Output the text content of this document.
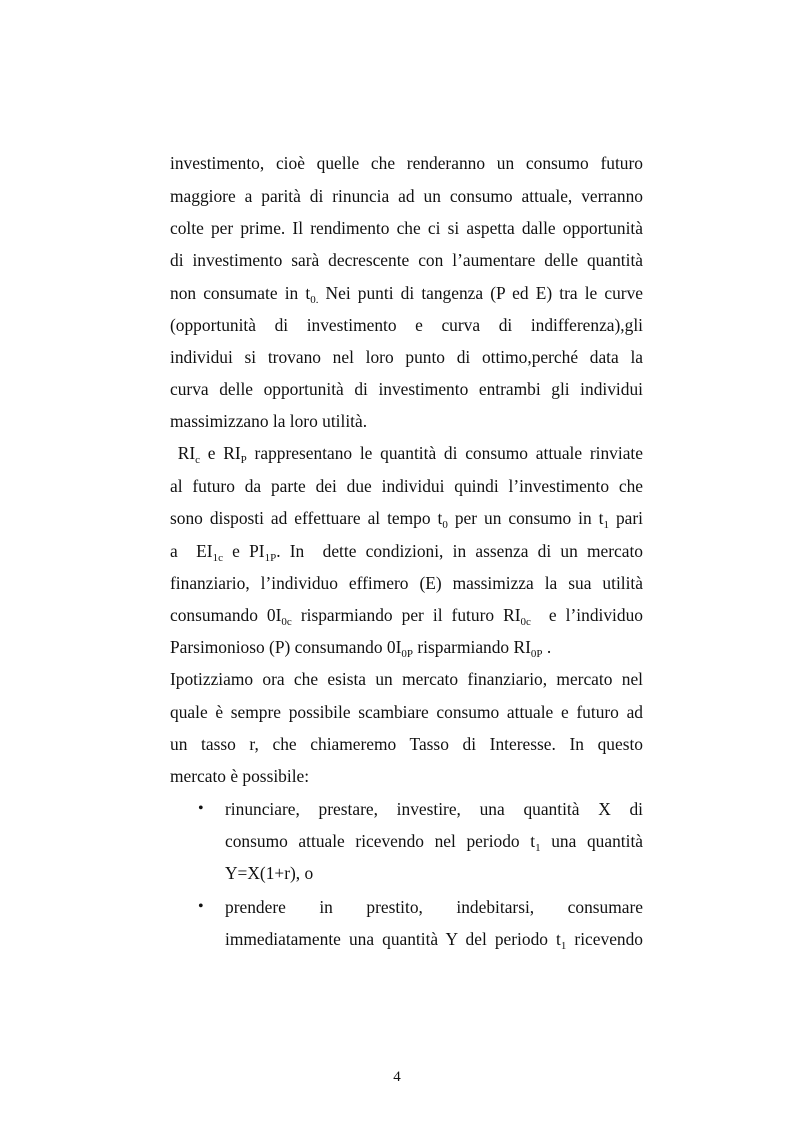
investimento, cioè quelle che renderanno un consumo futuro
maggiore a parità di rinuncia ad un consumo attuale, verranno
colte per prime. Il rendimento che ci si aspetta dalle opportunità
di investimento sarà decrescente con l’aumentare delle quantità
non consumate in $t_{0.}$ Nei punti di tangenza (P ed E) tra le curve
(opportunità di investimento e curva di indifferenza),gli
individui si trovano nel loro punto di ottimo,perché data la
curva delle opportunità di investimento entrambi gli individui
massimizzano la loro utilità.
$RI_c$ e $RI_P$ rappresentano le quantità di consumo attuale rinviate
al futuro da parte dei due individui quindi l’investimento che
sono disposti ad effettuare al tempo $t_0$ per un consumo in $t_1$ pari
a  $EI_{1c}$ e $PI_{1P}$. In  dette condizioni, in assenza di un mercato
finanziario, l’individuo effimero (E) massimizza la sua utilità
consumando $0I_{0c}$ risparmiando per il futuro $RI_{0c}$  e l’individuo
Parsimonioso (P) consumando $0I_{0P}$ risparmiando $RI_{0P}$ .
Ipotizziamo ora che esista un mercato finanziario, mercato nel
quale è sempre possibile scambiare consumo attuale e futuro ad
un tasso r, che chiameremo Tasso di Interesse. In questo
mercato è possibile:
• rinunciare, prestare, investire, una quantità X di
consumo attuale ricevendo nel periodo $t_1$ una quantità
Y=X(1+r), o
• prendere in prestito, indebitarsi, consumare
immediatamente una quantità Y del periodo $t_1$ ricevendo
4
